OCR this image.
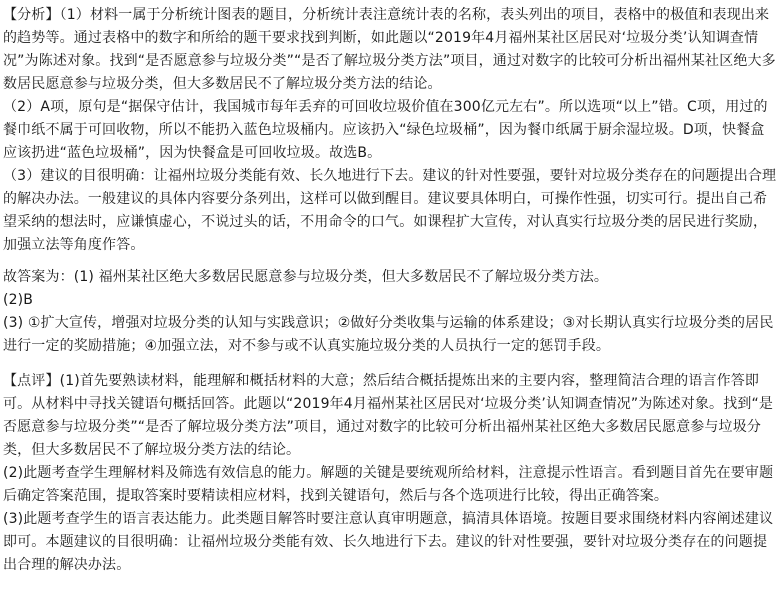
【分析】（1）材料一属于分析统计图表的题目，分析统计表注意统计表的名称，表头列出的项目，表格中的极值和表现出来的趋势等。通过表格中的数字和所给的题干要求找到判断，如此题以“2019年4月福州某社区居民对‘垃圾分类’认知调查情况”为陈述对象。找到“是否愿意参与垃圾分类”“是否了解垃圾分类方法”项目，通过对数字的比较可分析出福州某社区绝大多数居民愿意参与垃圾分类，但大多数居民不了解垃圾分类方法的结论。

（2）A项，原句是“据保守估计，我国城市每年丢弃的可回收垃圾价值在300亿元左右”。所以选项“以上”错。C项，用过的餐巾纸不属于可回收物，所以不能扔入蓝色垃圾桶内。应该扔入“绿色垃圾桶”，因为餐巾纸属于厨余湿垃圾。D项，快餐盒应该扔进“蓝色垃圾桶”，因为快餐盒是可回收垃圾。故选B。

（3）建议的目很明确：让福州垃圾分类能有效、长久地进行下去。建议的针对性要强，要针对垃圾分类存在的问题提出合理的解决办法。一般建议的具体内容要分条列出，这样可以做到醒目。建议要具体明白，可操作性强，切实可行。提出自己希望采纳的想法时，应谦慎虚心，不说过头的话，不用命令的口气。如课程扩大宣传，对认真实行垃圾分类的居民进行奖励，加强立法等角度作答。

故答案为：(1) 福州某社区绝大多数居民愿意参与垃圾分类，但大多数居民不了解垃圾分类方法。

(2)B

(3) ①扩大宣传，增强对垃圾分类的认知与实践意识；②做好分类收集与运输的体系建设；③对长期认真实行垃圾分类的居民进行一定的奖励措施；④加强立法，对不参与或不认真实施垃圾分类的人员执行一定的惩罚手段。

【点评】(1)首先要熟读材料，能理解和概括材料的大意；然后结合概括提炼出来的主要内容，整理简洁合理的语言作答即可。从材料中寻找关键语句概括回答。此题以“2019年4月福州某社区居民对‘垃圾分类’认知调查情况”为陈述对象。找到“是否愿意参与垃圾分类”“是否了解垃圾分类方法”项目，通过对数字的比较可分析出福州某社区绝大多数居民愿意参与垃圾分类，但大多数居民不了解垃圾分类方法的结论。

(2)此题考查学生理解材料及筛选有效信息的能力。解题的关键是要统观所给材料，注意提示性语言。看到题目首先在要审题后确定答案范围，提取答案时要精读相应材料，找到关键语句，然后与各个选项进行比较，得出正确答案。

(3)此题考查学生的语言表达能力。此类题目解答时要注意认真审明题意，搞清具体语境。按题目要求围绕材料内容阐述建议即可。本题建议的目很明确：让福州垃圾分类能有效、长久地进行下去。建议的针对性要强，要针对垃圾分类存在的问题提出合理的解决办法。
